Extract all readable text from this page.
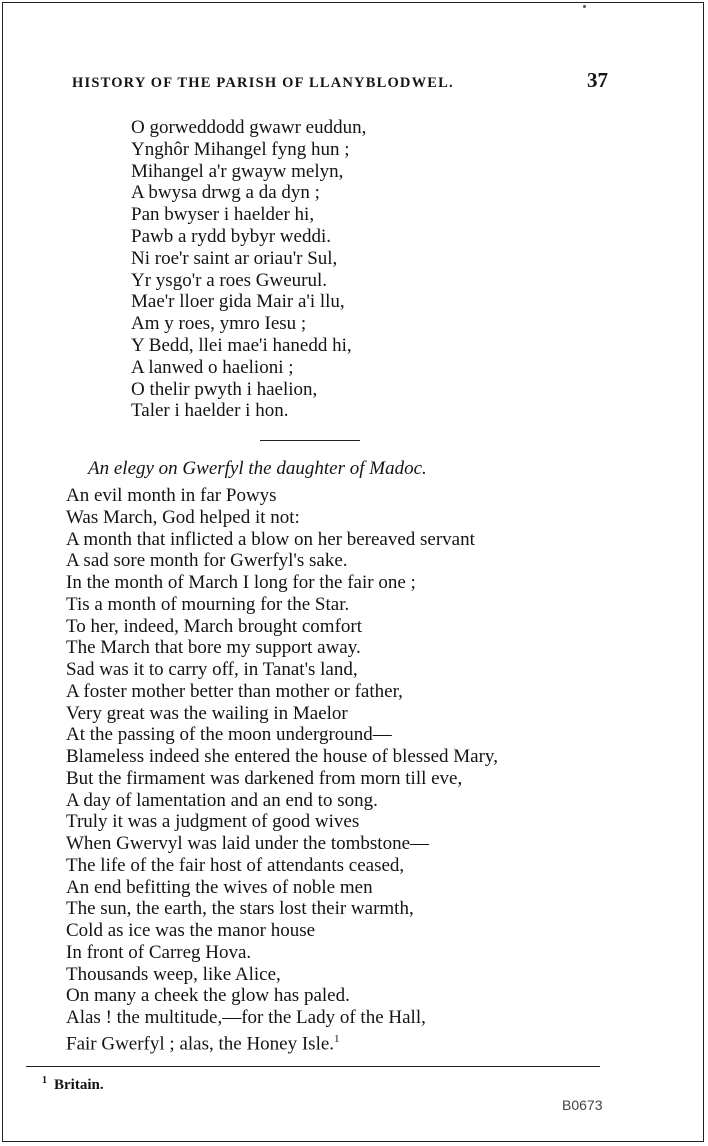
HISTORY OF THE PARISH OF LLANYBLODWEL.	37
O gorweddodd gwawr euddun,
Ynghôr Mihangel fyng hun ;
Mihangel a'r gwayw melyn,
A bwysa drwg a da dyn ;
Pan bwyser i haelder hi,
Pawb a rydd bybyr weddi.
Ni roe'r saint ar oriau'r Sul,
Yr ysgo'r a roes Gweurul.
Mae'r lloer gida Mair a'i llu,
Am y roes, ymro Iesu ;
Y Bedd, llei mae'i hanedd hi,
A lanwed o haelioni ;
O thelir pwyth i haelion,
Taler i haelder i hon.
An elegy on Gwerfyl the daughter of Madoc.
An evil month in far Powys
Was March, God helped it not:
A month that inflicted a blow on her bereaved servant
A sad sore month for Gwerfyl's sake.
In the month of March I long for the fair one ;
Tis a month of mourning for the Star.
To her, indeed, March brought comfort
The March that bore my support away.
Sad was it to carry off, in Tanat's land,
A foster mother better than mother or father,
Very great was the wailing in Maelor
At the passing of the moon underground—
Blameless indeed she entered the house of blessed Mary,
But the firmament was darkened from morn till eve,
A day of lamentation and an end to song.
Truly it was a judgment of good wives
When Gwervyl was laid under the tombstone—
The life of the fair host of attendants ceased,
An end befitting the wives of noble men
The sun, the earth, the stars lost their warmth,
Cold as ice was the manor house
In front of Carreg Hova.
Thousands weep, like Alice,
On many a cheek the glow has paled.
Alas ! the multitude,—for the Lady of the Hall,
Fair Gwerfyl ; alas, the Honey Isle.$^1$
$^1$ Britain.
B0673
